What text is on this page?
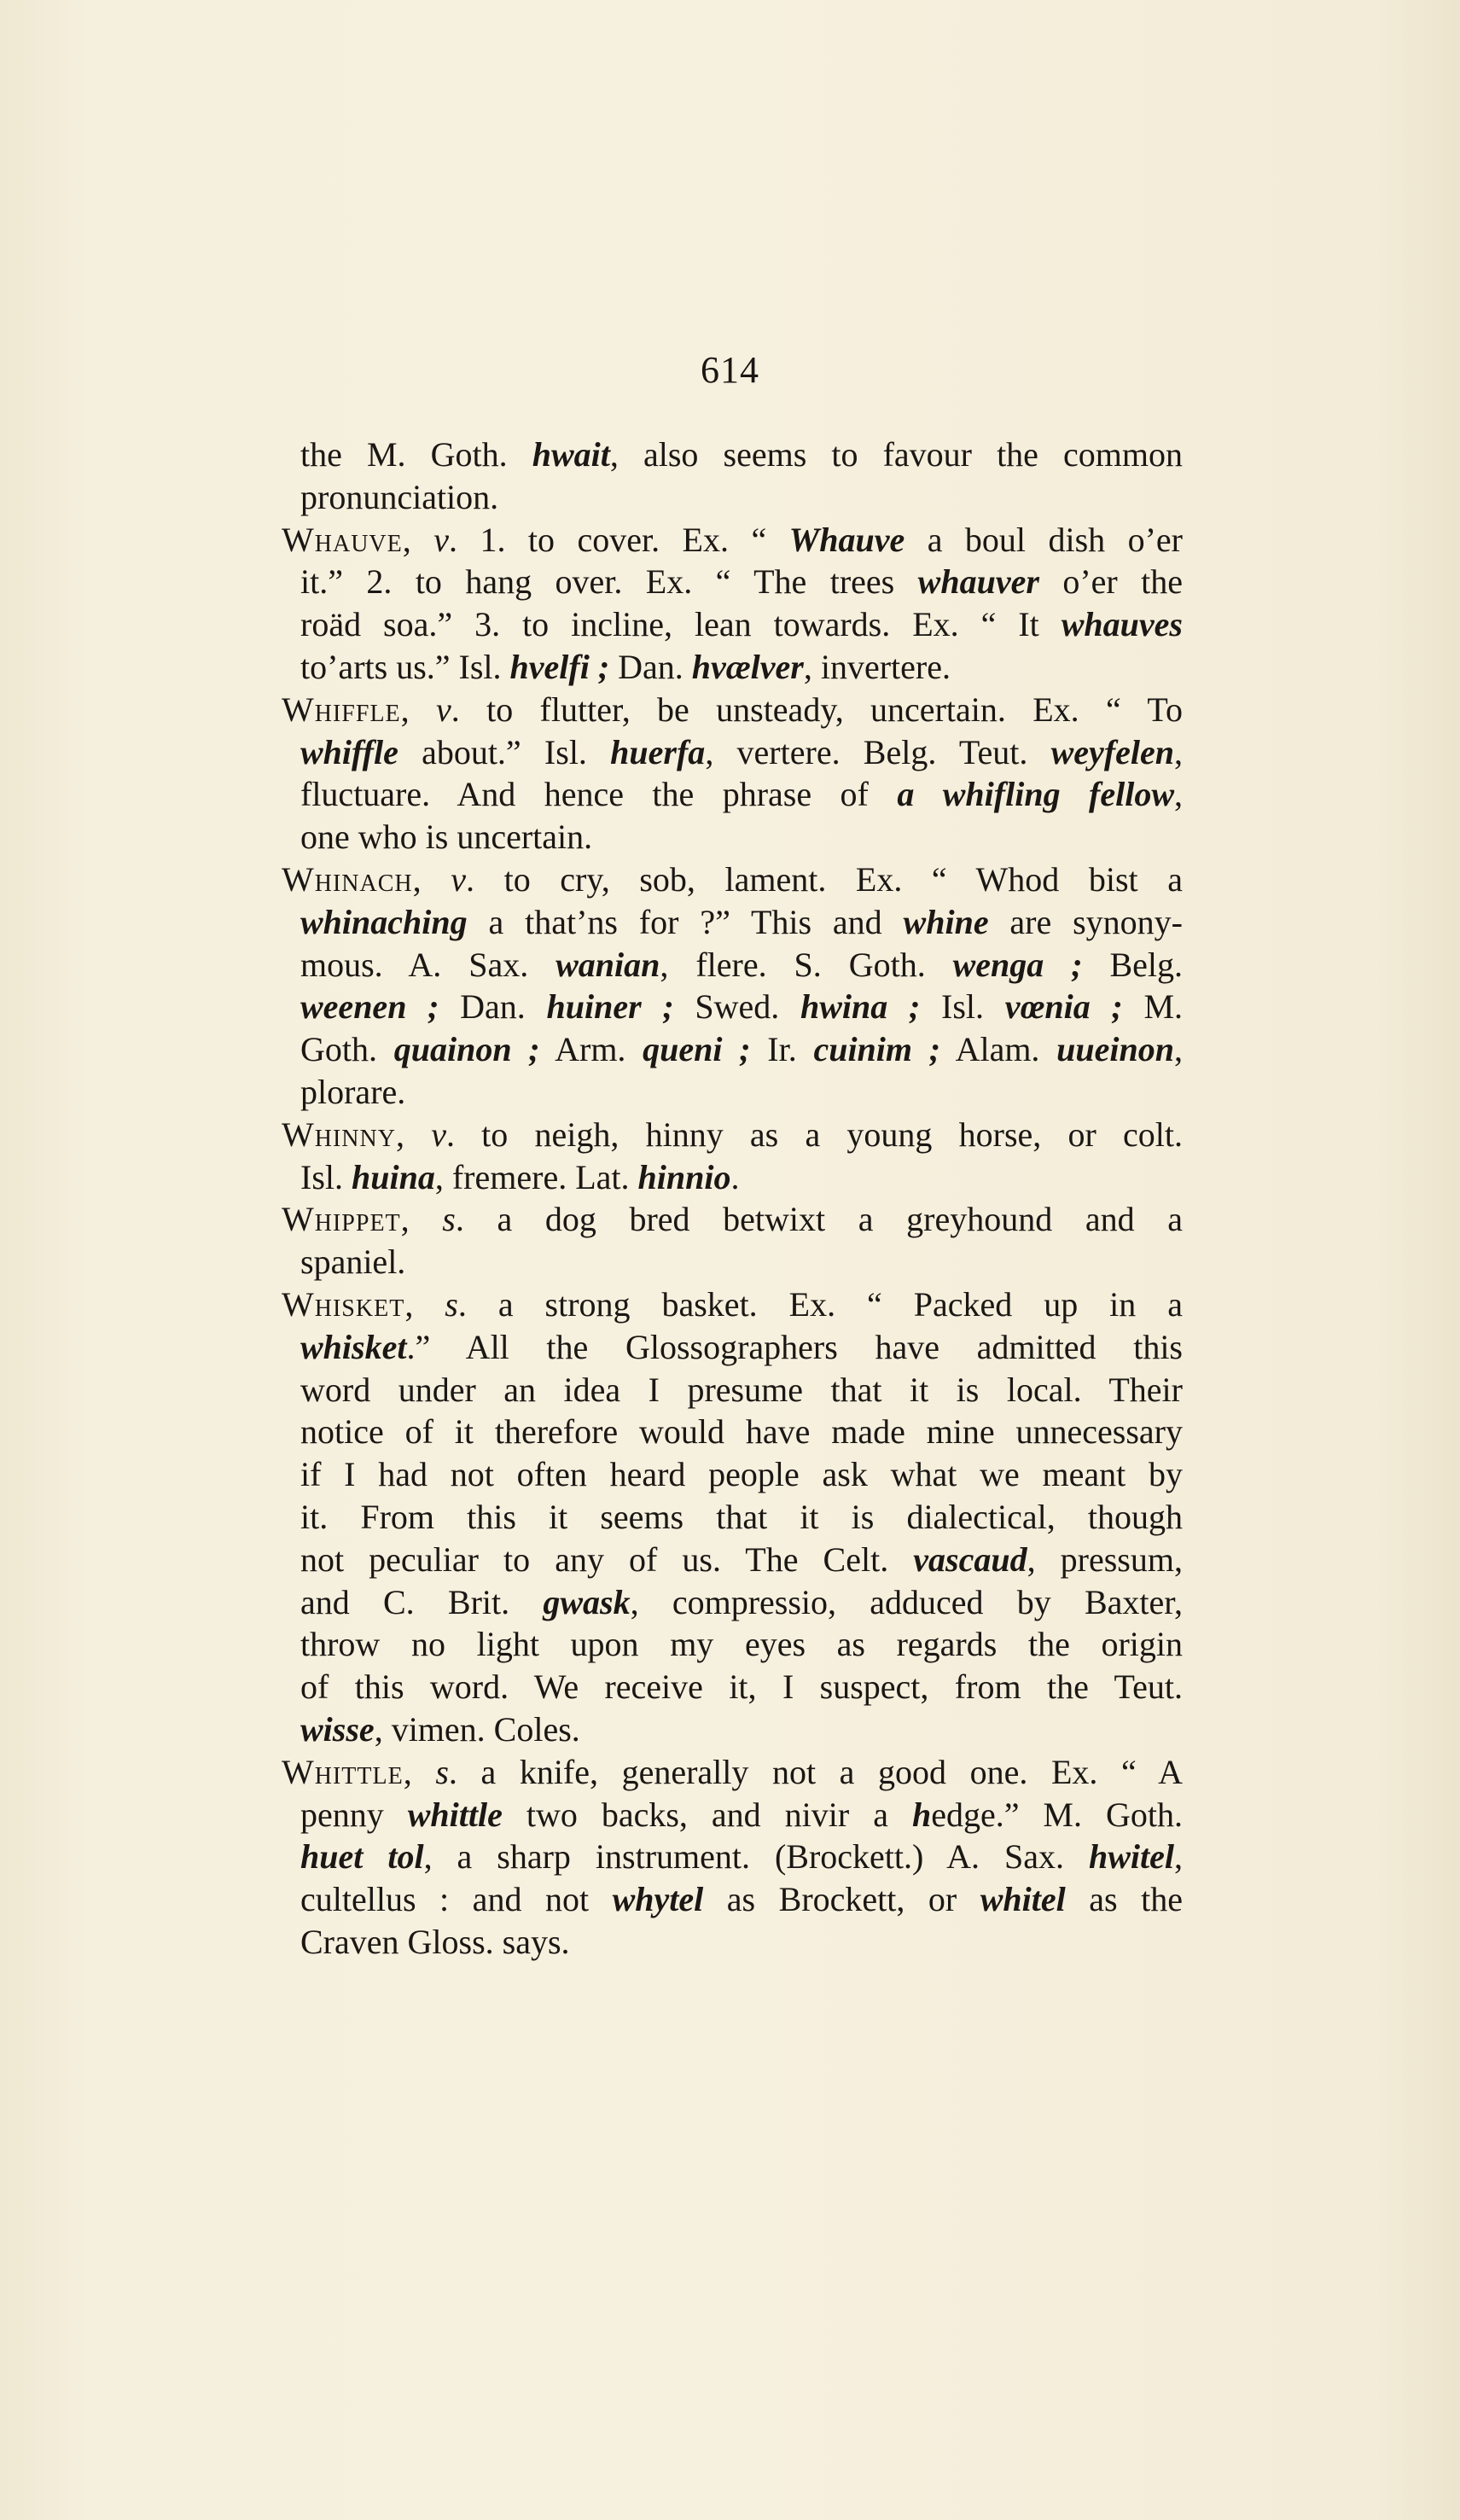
614
the M. Goth. hwait, also seems to favour the common
pronunciation.
Whauve, v. 1. to cover. Ex. “ Whauve a boul dish o’er
it.” 2. to hang over. Ex. “ The trees whauver o’er the
roäd soa.” 3. to incline, lean towards. Ex. “ It whauves
to’arts us.” Isl. hvelfi ; Dan. hvælver, invertere.
Whiffle, v. to flutter, be unsteady, uncertain. Ex. “ To
whiffle about.” Isl. huerfa, vertere. Belg. Teut. weyfelen,
fluctuare. And hence the phrase of a whifling fellow,
one who is uncertain.
Whinach, v. to cry, sob, lament. Ex. “ Whod bist a
whinaching a that’ns for ?” This and whine are synony-
mous. A. Sax. wanian, flere. S. Goth. wenga ; Belg.
weenen ; Dan. huiner ; Swed. hwina ; Isl. vœnia ; M.
Goth. quainon ; Arm. queni ; Ir. cuinim ; Alam. uueinon,
plorare.
Whinny, v. to neigh, hinny as a young horse, or colt.
Isl. huina, fremere. Lat. hinnio.
Whippet, s. a dog bred betwixt a greyhound and a
spaniel.
Whisket, s. a strong basket. Ex. “ Packed up in a
whisket.” All the Glossographers have admitted this
word under an idea I presume that it is local. Their
notice of it therefore would have made mine unnecessary
if I had not often heard people ask what we meant by
it. From this it seems that it is dialectical, though
not peculiar to any of us. The Celt. vascaud, pressum,
and C. Brit. gwask, compressio, adduced by Baxter,
throw no light upon my eyes as regards the origin
of this word. We receive it, I suspect, from the Teut.
wisse, vimen. Coles.
Whittle, s. a knife, generally not a good one. Ex. “ A
penny whittle two backs, and nivir a hedge.” M. Goth.
huet tol, a sharp instrument. (Brockett.) A. Sax. hwitel,
cultellus : and not whytel as Brockett, or whitel as the
Craven Gloss. says.
